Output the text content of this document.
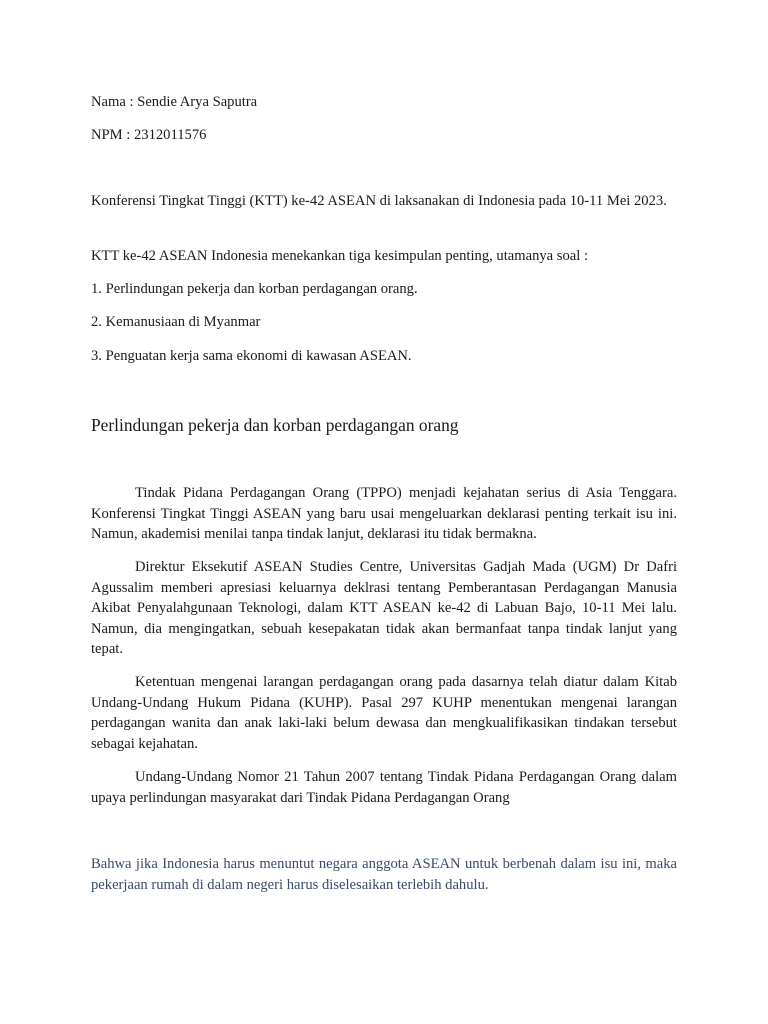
Nama : Sendie Arya Saputra
NPM : 2312011576
Konferensi Tingkat Tinggi (KTT) ke-42 ASEAN di laksanakan di Indonesia pada 10-11 Mei 2023.
KTT ke-42 ASEAN Indonesia menekankan tiga kesimpulan penting, utamanya soal :
1. Perlindungan pekerja dan korban perdagangan orang.
2. Kemanusiaan di Myanmar
3. Penguatan kerja sama ekonomi di kawasan ASEAN.
Perlindungan pekerja dan korban perdagangan orang
Tindak Pidana Perdagangan Orang (TPPO) menjadi kejahatan serius di Asia Tenggara. Konferensi Tingkat Tinggi ASEAN yang baru usai mengeluarkan deklarasi penting terkait isu ini. Namun, akademisi menilai tanpa tindak lanjut, deklarasi itu tidak bermakna.
Direktur Eksekutif ASEAN Studies Centre, Universitas Gadjah Mada (UGM) Dr Dafri Agussalim memberi apresiasi keluarnya deklrasi tentang Pemberantasan Perdagangan Manusia Akibat Penyalahgunaan Teknologi, dalam KTT ASEAN ke-42 di Labuan Bajo, 10-11 Mei lalu. Namun, dia mengingatkan, sebuah kesepakatan tidak akan bermanfaat tanpa tindak lanjut yang tepat.
Ketentuan mengenai larangan perdagangan orang pada dasarnya telah diatur dalam Kitab Undang-Undang Hukum Pidana (KUHP). Pasal 297 KUHP menentukan mengenai larangan perdagangan wanita dan anak laki-laki belum dewasa dan mengkualifikasikan tindakan tersebut sebagai kejahatan.
Undang-Undang Nomor 21 Tahun 2007 tentang Tindak Pidana Perdagangan Orang dalam upaya perlindungan masyarakat dari Tindak Pidana Perdagangan Orang
Bahwa jika Indonesia harus menuntut negara anggota ASEAN untuk berbenah dalam isu ini, maka pekerjaan rumah di dalam negeri harus diselesaikan terlebih dahulu.
